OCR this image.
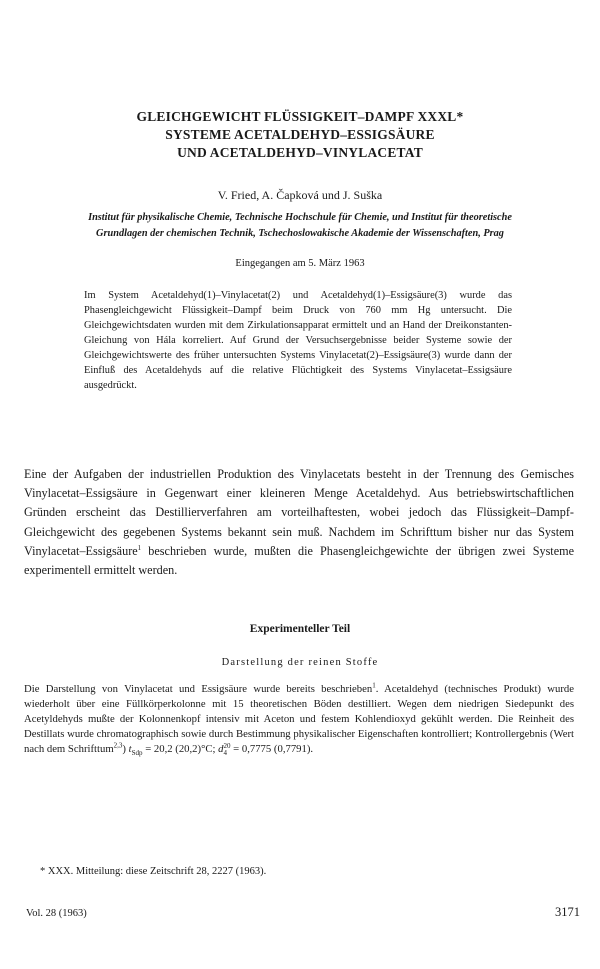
GLEICHGEWICHT FLÜSSIGKEIT–DAMPF XXXL*
SYSTEME ACETALDEHYD–ESSIGSÄURE
UND ACETALDEHYD–VINYLACETAT
V. Fried, A. Čapková und J. Suška
Institut für physikalische Chemie, Technische Hochschule für Chemie, und Institut für theoretische
Grundlagen der chemischen Technik, Tschechoslowakische Akademie der Wissenschaften, Prag
Eingegangen am 5. März 1963
Im System Acetaldehyd(1)–Vinylacetat(2) und Acetaldehyd(1)–Essigsäure(3) wurde das Phasengleichgewicht Flüssigkeit–Dampf beim Druck von 760 mm Hg untersucht. Die Gleichgewichtsdaten wurden mit dem Zirkulationsapparat ermittelt und an Hand der Dreikonstanten-Gleichung von Hála korreliert. Auf Grund der Versuchsergebnisse beider Systeme sowie der Gleichgewichtswerte des früher untersuchten Systems Vinylacetat(2)–Essigsäure(3) wurde dann der Einfluß des Acetaldehyds auf die relative Flüchtigkeit des Systems Vinylacetat–Essigsäure ausgedrückt.
Eine der Aufgaben der industriellen Produktion des Vinylacetats besteht in der Trennung des Gemisches Vinylacetat–Essigsäure in Gegenwart einer kleineren Menge Acetaldehyd. Aus betriebswirtschaftlichen Gründen erscheint das Destillierverfahren am vorteilhaftesten, wobei jedoch das Flüssigkeit–Dampf-Gleichgewicht des gegebenen Systems bekannt sein muß. Nachdem im Schrifttum bisher nur das System Vinylacetat–Essigsäure$^1$ beschrieben wurde, mußten die Phasengleichgewichte der übrigen zwei Systeme experimentell ermittelt werden.
Experimenteller Teil
Darstellung der reinen Stoffe
Die Darstellung von Vinylacetat und Essigsäure wurde bereits beschrieben$^1$. Acetaldehyd (technisches Produkt) wurde wiederholt über eine Füllkörperkolonne mit 15 theoretischen Böden destilliert. Wegen dem niedrigen Siedepunkt des Acetyldehyds mußte der Kolonnenkopf intensiv mit Aceton und festem Kohlendioxyd gekühlt werden. Die Reinheit des Destillats wurde chromatographisch sowie durch Bestimmung physikalischer Eigenschaften kontrolliert; Kontrollergebnis (Wert nach dem Schrifttum$^{2,3}$) $t_{Sdp} = 20,2$ (20,2)°C; d 20
4 = 0,7775 (0,7791).
* XXX. Mitteilung: diese Zeitschrift 28, 2227 (1963).
Vol. 28 (1963)	3171
